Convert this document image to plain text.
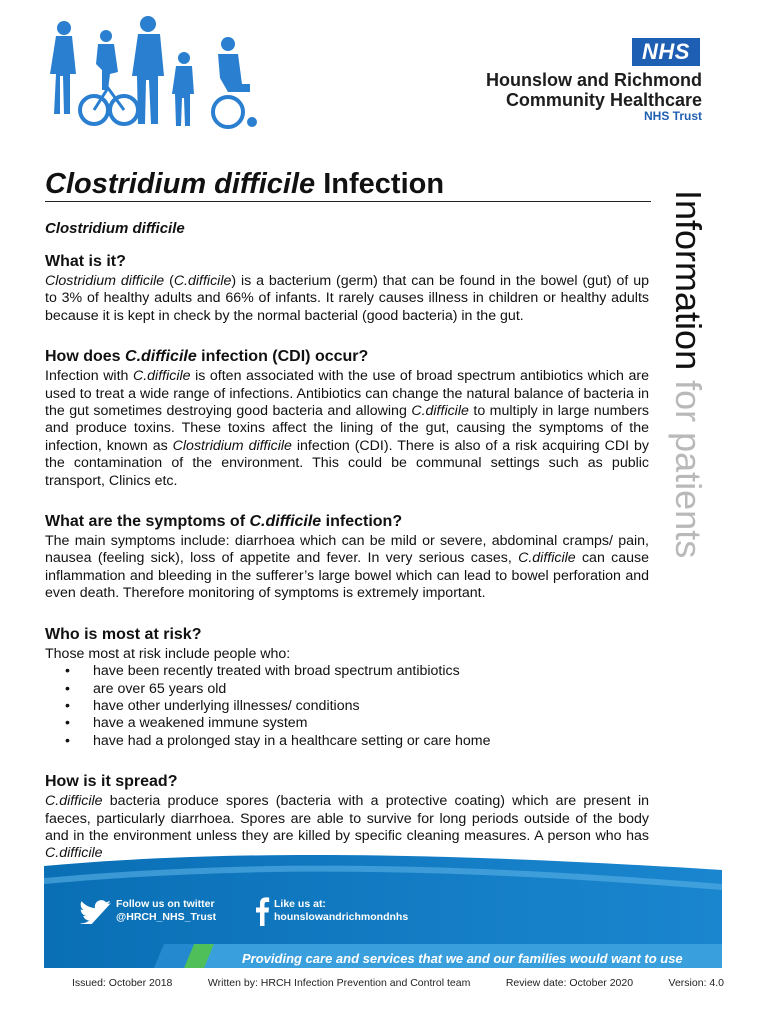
NHS
Hounslow and Richmond
Community Healthcare
NHS Trust
Clostridium difficile Infection
Information for patients

Clostridium difficile

What is it?

Clostridium difficile (C.difficile) is a bacterium (germ) that can be found in the bowel (gut) of up to 3% of healthy adults and 66% of infants. It rarely causes illness in children or healthy adults because it is kept in check by the normal bacterial (good bacteria) in the gut.

How does C.difficile infection (CDI) occur?

Infection with C.difficile is often associated with the use of broad spectrum antibiotics which are used to treat a wide range of infections. Antibiotics can change the natural balance of bacteria in the gut sometimes destroying good bacteria and allowing C.difficile to multiply in large numbers and produce toxins. These toxins affect the lining of the gut, causing the symptoms of the infection, known as Clostridium difficile infection (CDI). There is also of a risk acquiring CDI by the contamination of the environment. This could be communal settings such as public transport, Clinics etc.

What are the symptoms of C.difficile infection?

The main symptoms include: diarrhoea which can be mild or severe, abdominal cramps/ pain, nausea (feeling sick), loss of appetite and fever. In very serious cases, C.difficile can cause inflammation and bleeding in the sufferer’s large bowel which can lead to bowel perforation and even death. Therefore monitoring of symptoms is extremely important.

Who is most at risk?

Those most at risk include people who:

• have been recently treated with broad spectrum antibiotics
• are over 65 years old
• have other underlying illnesses/ conditions
• have a weakened immune system
• have had a prolonged stay in a healthcare setting or care home
How is it spread?

C.difficile bacteria produce spores (bacteria with a protective coating) which are present in faeces, particularly diarrhoea. Spores are able to survive for long periods outside of the body and in the environment unless they are killed by specific cleaning measures. A person who has C.difficile

Follow us on twitter
@HRCH_NHS_Trust
Like us at:
hounslowandrichmondnhs
Providing care and services that we and our families would want to use
Issued: October 2018	Written by: HRCH Infection Prevention and Control team	Review date: October 2020	Version: 4.0
